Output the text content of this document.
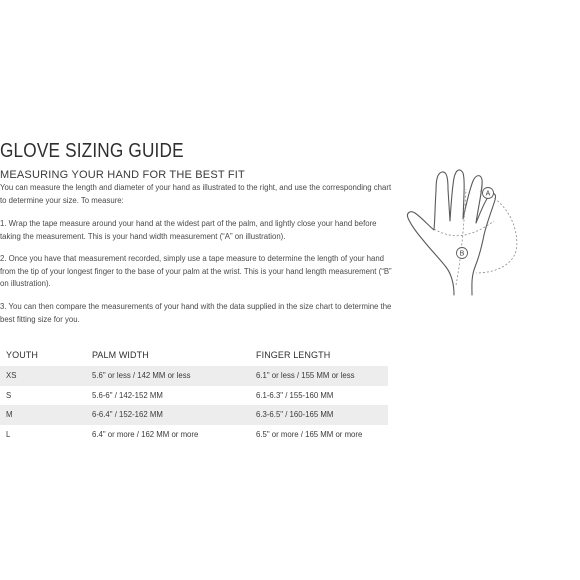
GLOVE SIZING GUIDE
MEASURING YOUR HAND FOR THE BEST FIT

You can measure the length and diameter of your hand as illustrated to the right, and use the corresponding chart to determine your size. To measure:

1. Wrap the tape measure around your hand at the widest part of the palm, and lightly close your hand before taking the measurement. This is your hand width measurement (“A” on illustration).

2. Once you have that measurement recorded, simply use a tape measure to determine the length of your hand from the tip of your longest finger to the base of your palm at the wrist. This is your hand length measurement (“B” on illustration).

3. You can then compare the measurements of your hand with the data supplied in the size chart to determine the best fitting size for you.

A
B
YOUTH	PALM WIDTH	FINGER LENGTH
XS	5.6" or less / 142 MM or less	6.1" or less / 155 MM or less
S	5.6-6" / 142-152 MM	6.1-6.3" / 155-160 MM
M	6-6.4" / 152-162 MM	6.3-6.5" / 160-165 MM
L	6.4" or more / 162 MM or more	6.5" or more / 165 MM or more
